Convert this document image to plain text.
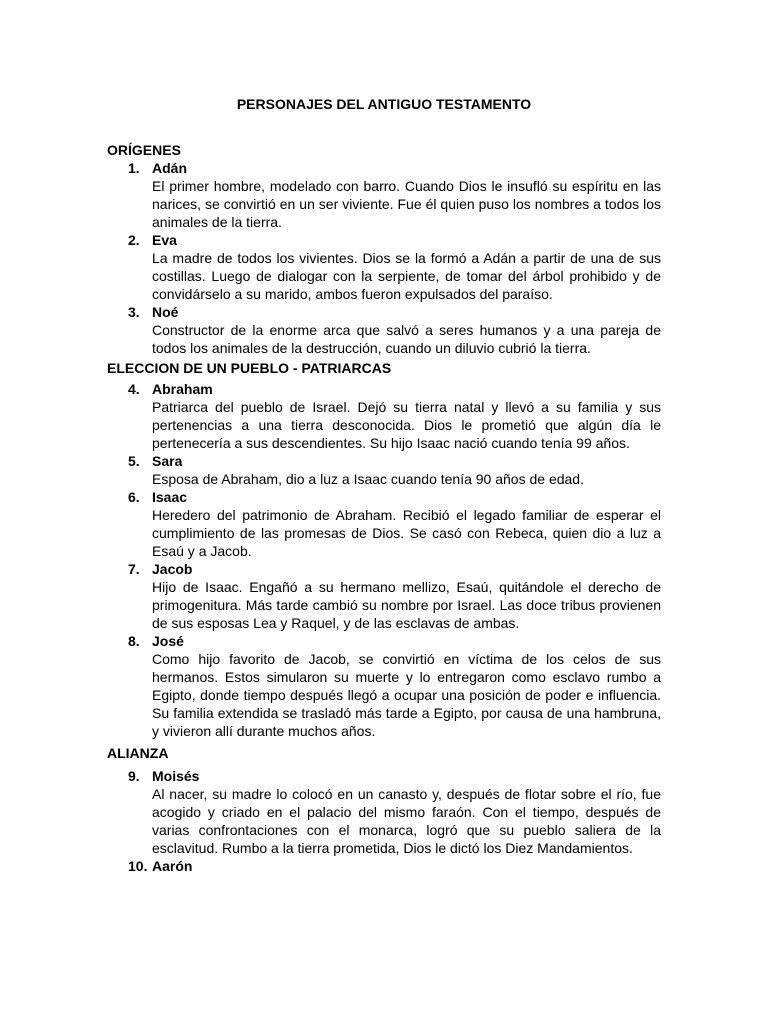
PERSONAJES DEL ANTIGUO TESTAMENTO
ORÍGENES
1. Adán

El primer hombre, modelado con barro. Cuando Dios le insufló su espíritu en las narices, se convirtió en un ser viviente. Fue él quien puso los nombres a todos los animales de la tierra.

2. Eva

La madre de todos los vivientes. Dios se la formó a Adán a partir de una de sus costillas. Luego de dialogar con la serpiente, de tomar del árbol prohibido y de convidárselo a su marido, ambos fueron expulsados del paraíso.

3. Noé

Constructor de la enorme arca que salvó a seres humanos y a una pareja de todos los animales de la destrucción, cuando un diluvio cubrió la tierra.

ELECCION DE UN PUEBLO - PATRIARCAS
4. Abraham

Patriarca del pueblo de Israel. Dejó su tierra natal y llevó a su familia y sus pertenencias a una tierra desconocida. Dios le prometió que algún día le pertenecería a sus descendientes. Su hijo Isaac nació cuando tenía 99 años.

5. Sara

Esposa de Abraham, dio a luz a Isaac cuando tenía 90 años de edad.

6. Isaac

Heredero del patrimonio de Abraham. Recibió el legado familiar de esperar el cumplimiento de las promesas de Dios. Se casó con Rebeca, quien dio a luz a Esaú y a Jacob.

7. Jacob

Hijo de Isaac. Engañó a su hermano mellizo, Esaú, quitándole el derecho de primogenitura. Más tarde cambió su nombre por Israel. Las doce tribus provienen de sus esposas Lea y Raquel, y de las esclavas de ambas.

8. José

Como hijo favorito de Jacob, se convirtió en víctima de los celos de sus hermanos. Estos simularon su muerte y lo entregaron como esclavo rumbo a Egipto, donde tiempo después llegó a ocupar una posición de poder e influencia. Su familia extendida se trasladó más tarde a Egipto, por causa de una hambruna, y vivieron allí durante muchos años.

ALIANZA
9. Moisés

Al nacer, su madre lo colocó en un canasto y, después de flotar sobre el río, fue acogido y criado en el palacio del mismo faraón. Con el tiempo, después de varias confrontaciones con el monarca, logró que su pueblo saliera de la esclavitud. Rumbo a la tierra prometida, Dios le dictó los Diez Mandamientos.

10. Aarón
